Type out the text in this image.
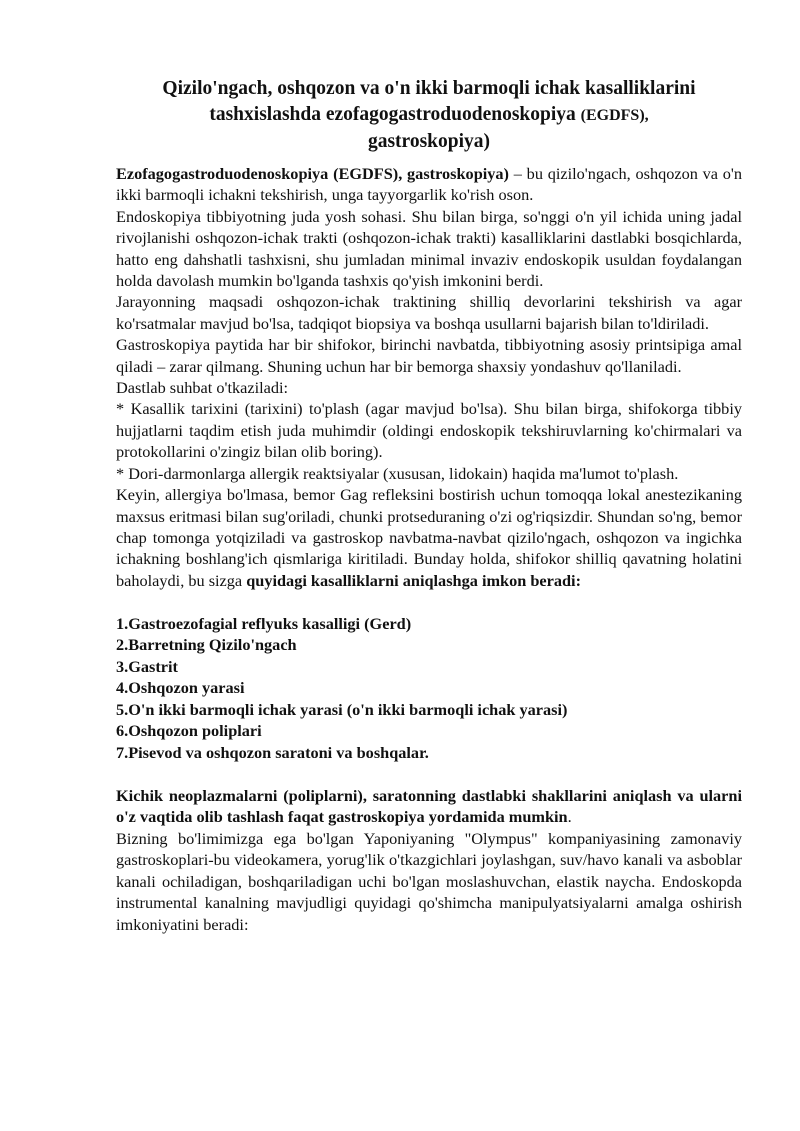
Qizilo'ngach, oshqozon va o'n ikki barmoqli ichak kasalliklarini
tashxislashda ezofagogastroduodenoskopiya (EGDFS),
gastroskopiya)

Ezofagogastroduodenoskopiya (EGDFS), gastroskopiya) – bu qizilo'ngach, oshqozon va o'n ikki barmoqli ichakni tekshirish, unga tayyorgarlik ko'rish oson.

Endoskopiya tibbiyotning juda yosh sohasi. Shu bilan birga, so'nggi o'n yil ichida uning jadal rivojlanishi oshqozon-ichak trakti (oshqozon-ichak trakti) kasalliklarini dastlabki bosqichlarda, hatto eng dahshatli tashxisni, shu jumladan minimal invaziv endoskopik usuldan foydalangan holda davolash mumkin bo'lganda tashxis qo'yish imkonini berdi.

Jarayonning maqsadi oshqozon-ichak traktining shilliq devorlarini tekshirish va agar ko'rsatmalar mavjud bo'lsa, tadqiqot biopsiya va boshqa usullarni bajarish bilan to'ldiriladi.

Gastroskopiya paytida har bir shifokor, birinchi navbatda, tibbiyotning asosiy printsipiga amal qiladi – zarar qilmang. Shuning uchun har bir bemorga shaxsiy yondashuv qo'llaniladi.

Dastlab suhbat o'tkaziladi:

* Kasallik tarixini (tarixini) to'plash (agar mavjud bo'lsa). Shu bilan birga, shifokorga tibbiy hujjatlarni taqdim etish juda muhimdir (oldingi endoskopik tekshiruvlarning ko'chirmalari va protokollarini o'zingiz bilan olib boring).

* Dori-darmonlarga allergik reaktsiyalar (xususan, lidokain) haqida ma'lumot to'plash.

Keyin, allergiya bo'lmasa, bemor Gag refleksini bostirish uchun tomoqqa lokal anestezikaning maxsus eritmasi bilan sug'oriladi, chunki protseduraning o'zi og'riqsizdir. Shundan so'ng, bemor chap tomonga yotqiziladi va gastroskop navbatma-navbat qizilo'ngach, oshqozon va ingichka ichakning boshlang'ich qismlariga kiritiladi. Bunday holda, shifokor shilliq qavatning holatini baholaydi, bu sizga quyidagi kasalliklarni aniqlashga imkon beradi:

1.Gastroezofagial reflyuks kasalligi (Gerd)
2.Barretning Qizilo'ngach
3.Gastrit
4.Oshqozon yarasi
5.O'n ikki barmoqli ichak yarasi (o'n ikki barmoqli ichak yarasi)
6.Oshqozon poliplari
7.Pisevod va oshqozon saratoni va boshqalar.

Kichik neoplazmalarni (poliplarni), saratonning dastlabki shakllarini aniqlash va ularni o'z vaqtida olib tashlash faqat gastroskopiya yordamida mumkin.

Bizning bo'limimizga ega bo'lgan Yaponiyaning "Olympus" kompaniyasining zamonaviy gastroskoplari-bu videokamera, yorug'lik o'tkazgichlari joylashgan, suv/havo kanali va asboblar kanali ochiladigan, boshqariladigan uchi bo'lgan moslashuvchan, elastik naycha. Endoskopda instrumental kanalning mavjudligi quyidagi qo'shimcha manipulyatsiyalarni amalga oshirish imkoniyatini beradi:
